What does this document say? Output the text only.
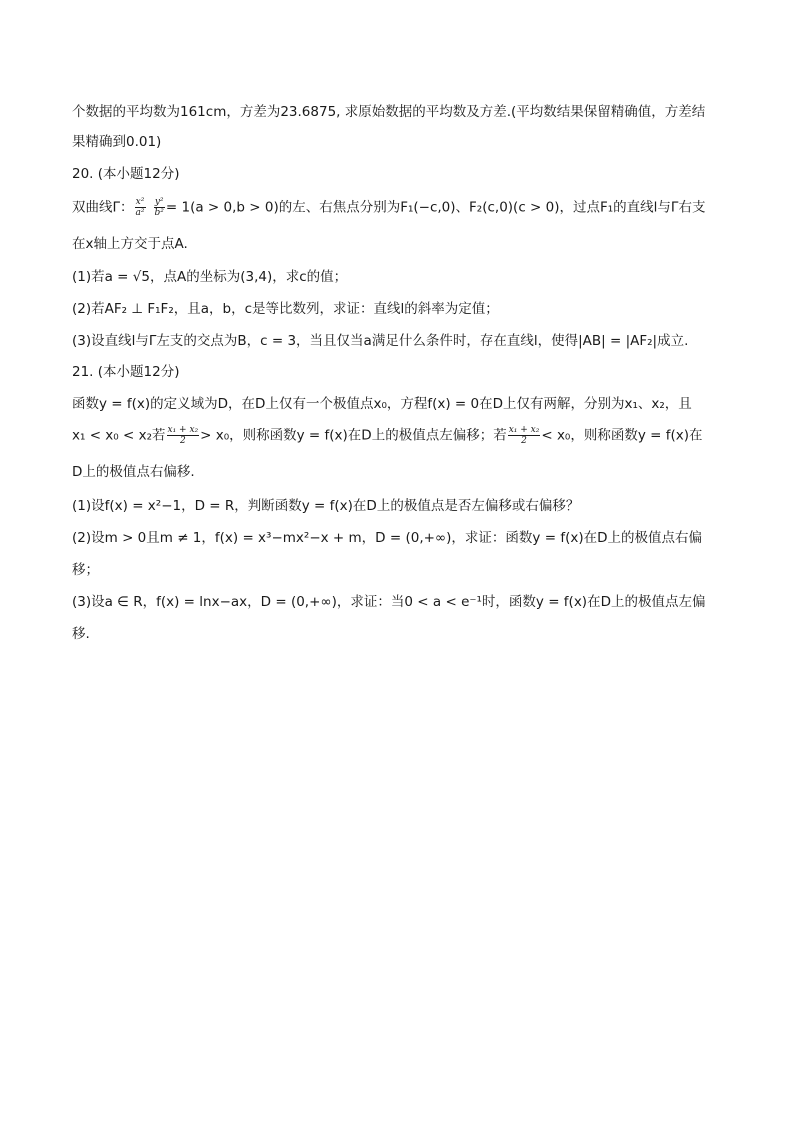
个数据的平均数为161cm，方差为23.6875, 求原始数据的平均数及方差.(平均数结果保留精确值，方差结
果精确到0.01)
20. (本小题12分)
双曲线Γ： $\frac{\text{x²}}{\text{a²}} \frac{\text{y²}}{\text{b²}} = 1(a > 0,b > 0)$的左、右焦点分别为F₁(−c,0)、F₂(c,0)(c > 0)，过点F₁的直线l与Γ右支
在x轴上方交于点A.
(1)若a = √5，点A的坐标为(3,4)，求c的值；
(2)若AF₂ ⊥ F₁F₂，且a，b，c是等比数列，求证：直线l的斜率为定值；
(3)设直线l与Γ左支的交点为B，c = 3，当且仅当a满足什么条件时，存在直线l，使得|AB| = |AF₂|成立.
21. (本小题12分)
函数y = f(x)的定义域为D，在D上仅有一个极值点x₀，方程f(x) = 0在D上仅有两解，分别为x₁、x₂，且
x₁ < x₀ < x₂若 $\frac{\text{x₁ + x₂}}{2} > x_0$，则称函数y = f(x)在D上的极值点左偏移；若 $\frac{\text{x₁ + x₂}}{2} < x_0$，则称函数y = f(x)在
D上的极值点右偏移.
(1)设f(x) = x²−1，D = R，判断函数y = f(x)在D上的极值点是否左偏移或右偏移？
(2)设m > 0且m ≠ 1，f(x) = x³−mx²−x + m，D = (0,+∞)，求证：函数y = f(x)在D上的极值点右偏
移；
(3)设a ∈ R，f(x) = lnx−ax，D = (0,+∞)，求证：当0 < a < e⁻¹时，函数y = f(x)在D上的极值点左偏
移.
